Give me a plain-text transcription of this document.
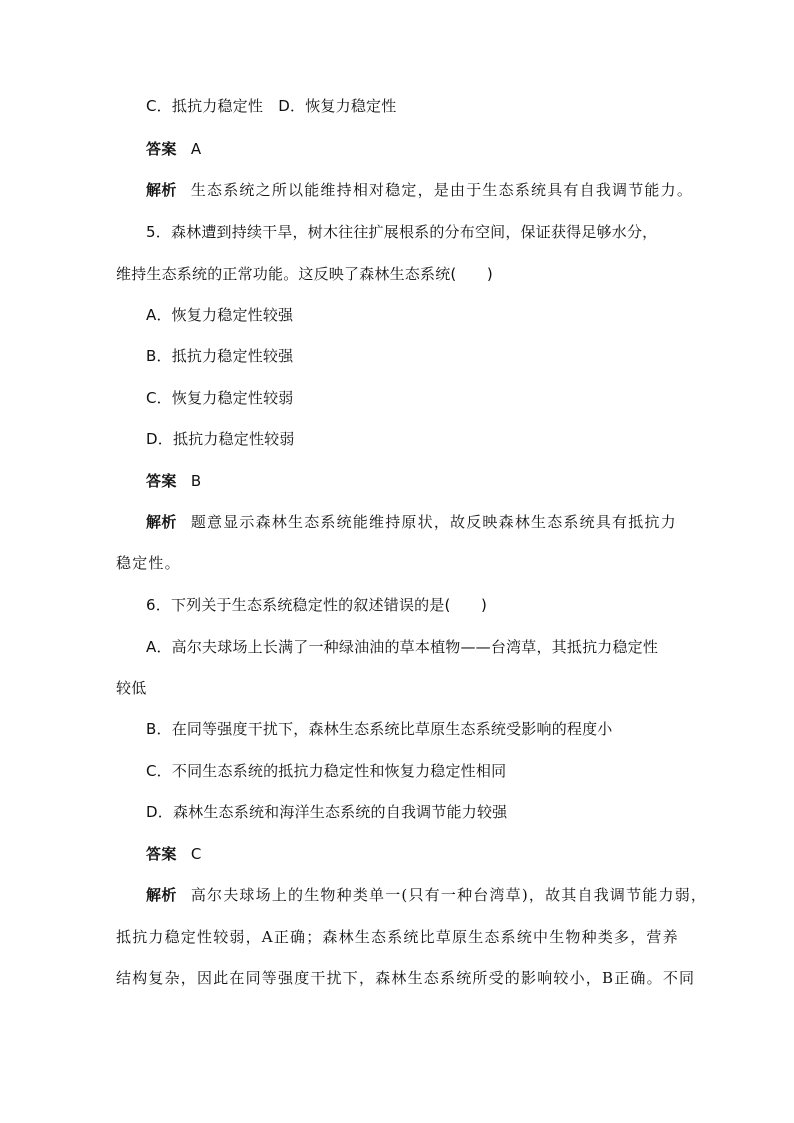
C．抵抗力稳定性　D．恢复力稳定性
答案 A
解析 生态系统之所以能维持相对稳定，是由于生态系统具有自我调节能力。
5．森林遭到持续干旱，树木往往扩展根系的分布空间，保证获得足够水分，
维持生态系统的正常功能。这反映了森林生态系统(　　)
A．恢复力稳定性较强
B．抵抗力稳定性较强
C．恢复力稳定性较弱
D．抵抗力稳定性较弱
答案 B
解析 题意显示森林生态系统能维持原状，故反映森林生态系统具有抵抗力
稳定性。
6．下列关于生态系统稳定性的叙述错误的是(　　)
A．高尔夫球场上长满了一种绿油油的草本植物——台湾草，其抵抗力稳定性
较低
B．在同等强度干扰下，森林生态系统比草原生态系统受影响的程度小
C．不同生态系统的抵抗力稳定性和恢复力稳定性相同
D．森林生态系统和海洋生态系统的自我调节能力较强
答案 C
解析 高尔夫球场上的生物种类单一(只有一种台湾草)，故其自我调节能力弱，
抵抗力稳定性较弱，A正确；森林生态系统比草原生态系统中生物种类多，营养
结构复杂，因此在同等强度干扰下，森林生态系统所受的影响较小，B正确。不同
